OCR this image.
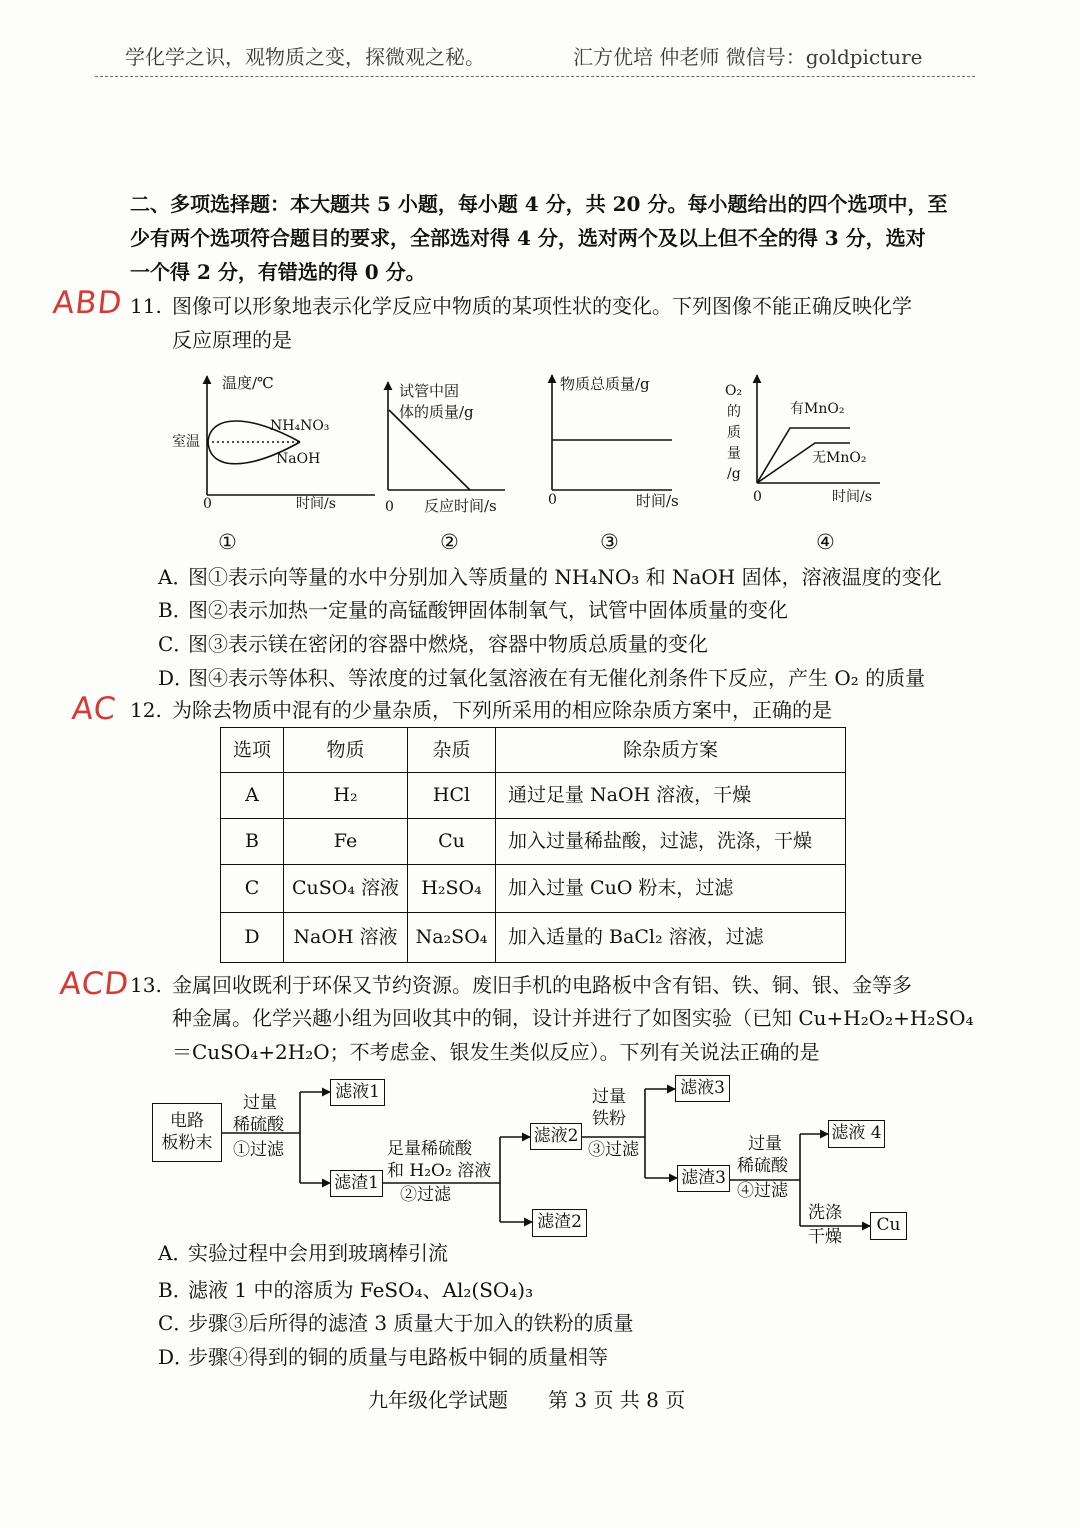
学化学之识，观物质之变，探微观之秘。	汇方优培 仲老师 微信号：goldpicture
二、多项选择题：本大题共 5 小题，每小题 4 分，共 20 分。每小题给出的四个选项中，至
少有两个选项符合题目的要求，全部选对得 4 分，选对两个及以上但不全的得 3 分，选对
一个得 2 分，有错选的得 0 分。
ABD 11. 图像可以形象地表示化学反应中物质的某项性状的变化。下列图像不能正确反映化学
反应原理的是
温度/℃
室温
NH₄NO₃
NaOH
0	时间/s
试管中固
体的质量/g
0 反应时间/s
物质总质量/g
0	时间/s
O₂
的
质
量
/g
有MnO₂
无MnO₂
0	时间/s
①	②	③	④
A．
图①表示向等量的水中分别加入等质量的 NH₄NO₃ 和 NaOH 固体，溶液温度的变化
B．
图②表示加热一定量的高锰酸钾固体制氧气，试管中固体质量的变化
C．
图③表示镁在密闭的容器中燃烧，容器中物质总质量的变化
D．
图④表示等体积、等浓度的过氧化氢溶液在有无催化剂条件下反应，产生 O₂ 的质量
AC 12. 为除去物质中混有的少量杂质，下列所采用的相应除杂质方案中，正确的是
选项	物质	杂质	除杂质方案
A	H₂	HCl	通过足量 NaOH 溶液，干燥
B	Fe	Cu	加入过量稀盐酸，过滤，洗涤，干燥
C	CuSO₄ 溶液	H₂SO₄	加入过量 CuO 粉末，过滤
D	NaOH 溶液	Na₂SO₄	加入适量的 BaCl₂ 溶液，过滤
ACD
13. 金属回收既利于环保又节约资源。废旧手机的电路板中含有铝、铁、铜、银、金等多
种金属。化学兴趣小组为回收其中的铜，设计并进行了如图实验（已知 Cu+H₂O₂+H₂SO₄
＝CuSO₄+2H₂O；不考虑金、银发生类似反应）。下列有关说法正确的是
电路
板粉末
滤液1
滤渣1
滤液2
滤渣2
滤液3
滤渣3
滤液 4
Cu
过量
稀硫酸
①过滤	足量稀硫酸
和 H₂O₂ 溶液
②过滤
过量
铁粉
③过滤	过量
稀硫酸
④过滤
洗涤
干燥
A．
实验过程中会用到玻璃棒引流
B．
滤液 1 中的溶质为 FeSO₄、Al₂(SO₄)₃
C．
步骤③后所得的滤渣 3 质量大于加入的铁粉的质量
D．
步骤④得到的铜的质量与电路板中铜的质量相等
九年级化学试题 第 3 页 共 8 页
